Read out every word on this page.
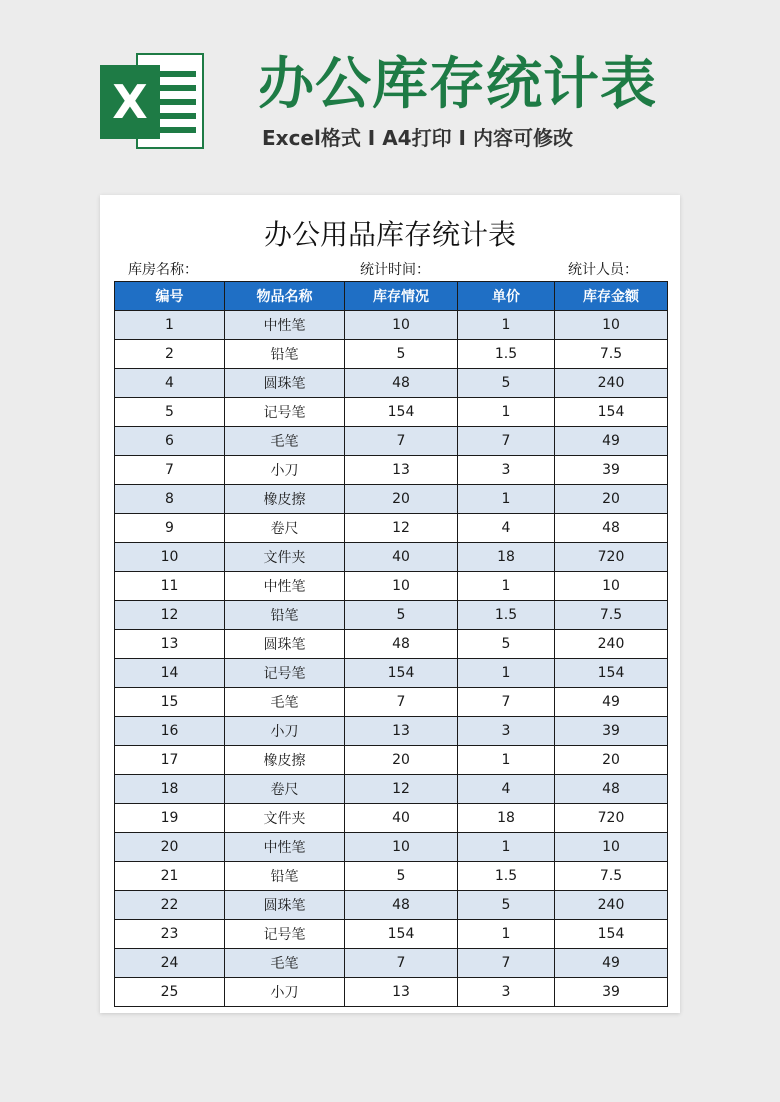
X 办公库存统计表
Excel格式 I A4打印 I 内容可修改
办公用品库存统计表
库房名称：	统计时间：	统计人员：
编号	物品名称	库存情况	单价	库存金额
1	中性笔	10	1	10
2	铅笔	5	1.5	7.5
4	圆珠笔	48	5	240
5	记号笔	154	1	154
6	毛笔	7	7	49
7	小刀	13	3	39
8	橡皮擦	20	1	20
9	卷尺	12	4	48
10	文件夹	40	18	720
11	中性笔	10	1	10
12	铅笔	5	1.5	7.5
13	圆珠笔	48	5	240
14	记号笔	154	1	154
15	毛笔	7	7	49
16	小刀	13	3	39
17	橡皮擦	20	1	20
18	卷尺	12	4	48
19	文件夹	40	18	720
20	中性笔	10	1	10
21	铅笔	5	1.5	7.5
22	圆珠笔	48	5	240
23	记号笔	154	1	154
24	毛笔	7	7	49
25	小刀	13	3	39
